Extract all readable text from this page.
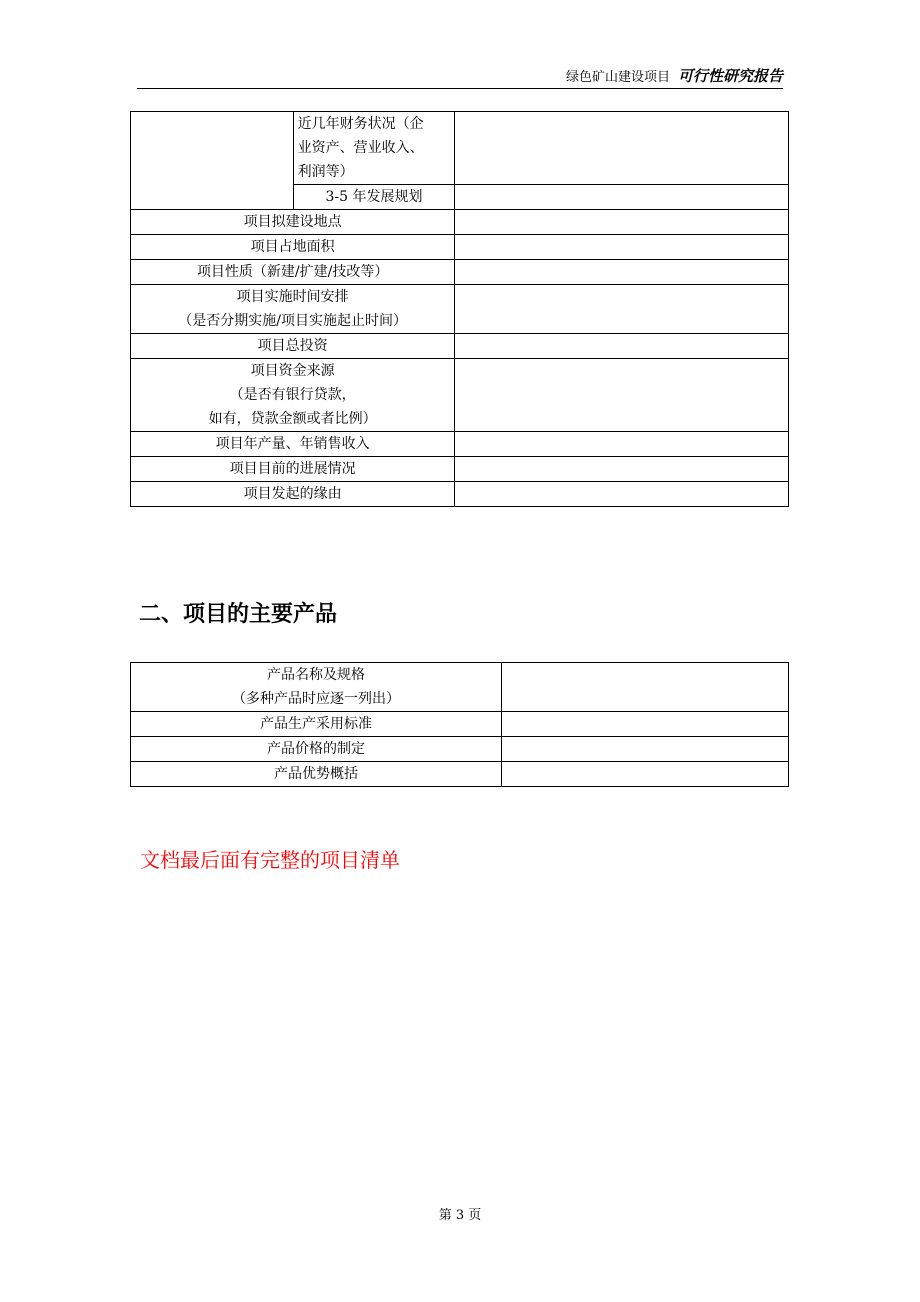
绿色矿山建设项目 可行性研究报告

	近几年财务状况（企
业资产、营业收入、
利润等）	

	3-5 年发展规划	
项目拟建设地点		
项目占地面积		
项目性质（新建/扩建/技改等）		

项目实施时间安排
（是否分期实施/项目实施起止时间）		

项目总投资		

项目资金来源
（是否有银行贷款，
如有，贷款金额或者比例）		

项目年产量、年销售收入		
项目目前的进展情况		
项目发起的缘由		
二、项目的主要产品
产品名称及规格
（多种产品时应逐一列出）	

产品生产采用标准	
产品价格的制定	
产品优势概括	
文档最后面有完整的项目清单
第 3 页
